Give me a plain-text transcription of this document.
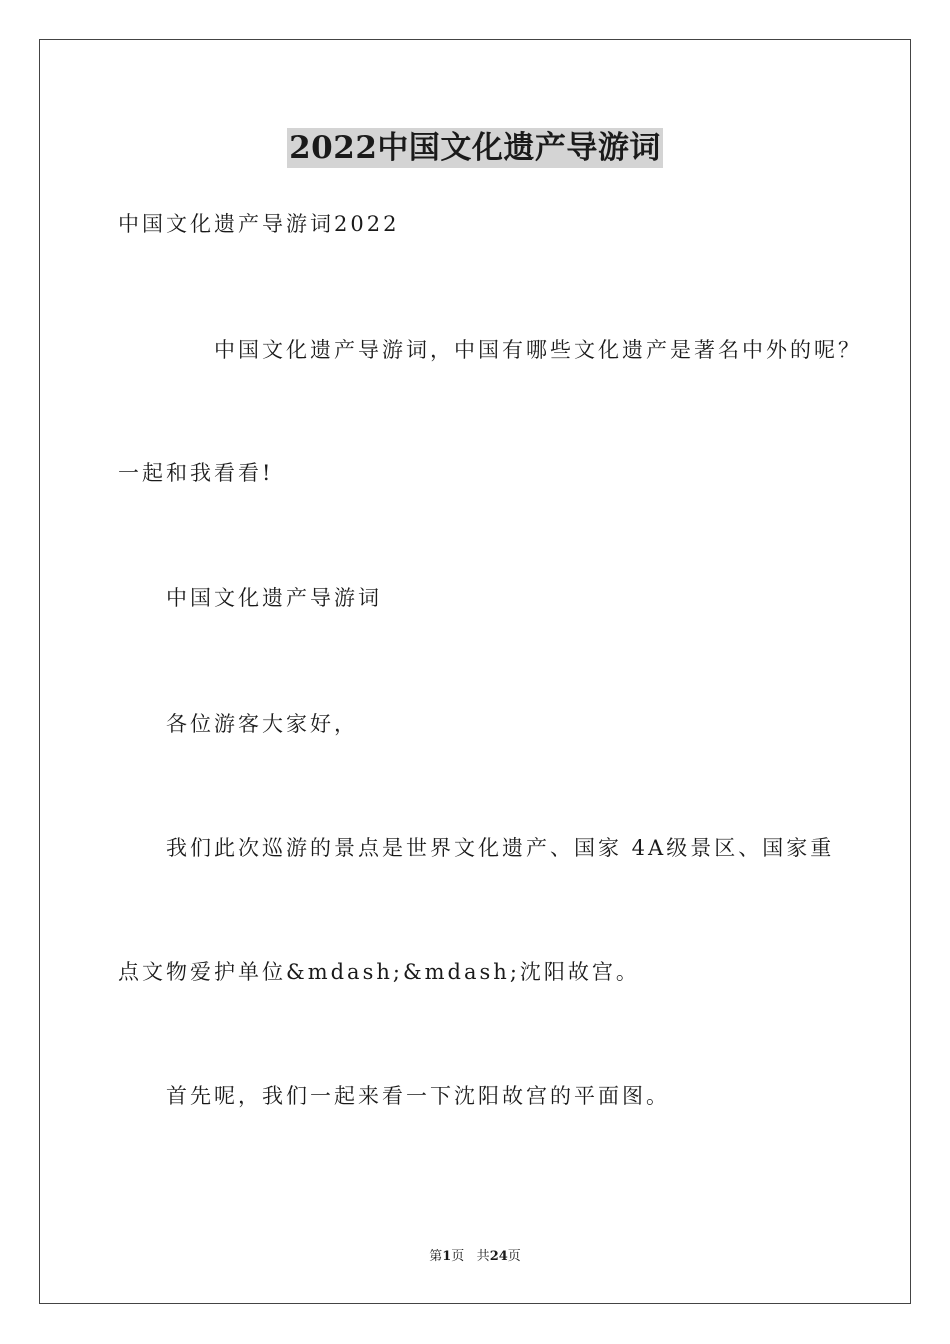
2022中国文化遗产导游词
中国文化遗产导游词2022
中国文化遗产导游词，中国有哪些文化遗产是著名中外的呢？
一起和我看看!
中国文化遗产导游词
各位游客大家好，
我们此次巡游的景点是世界文化遗产、国家 4A级景区、国家重
点文物爱护单位&mdash;&mdash;沈阳故宫。
首先呢，我们一起来看一下沈阳故宫的平面图。
第1页 共24页
